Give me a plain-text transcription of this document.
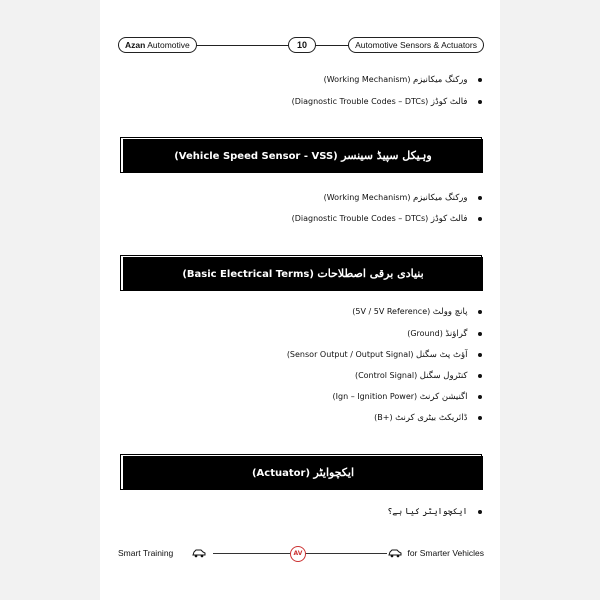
Azan Automotive	10	Automotive Sensors & Actuators
(Working Mechanism) ورکنگ میکانیزم
(Diagnostic Trouble Codes – DTCs) فالٹ کوڈز
(Vehicle Speed Sensor - VSS) وہیکل سپیڈ سینسر
(Working Mechanism) ورکنگ میکانیزم
(Diagnostic Trouble Codes – DTCs) فالٹ کوڈز
(Basic Electrical Terms) بنیادی برقی اصطلاحات
(5V / 5V Reference) پانچ وولٹ
(Ground) گراؤنڈ
(Sensor Output / Output Signal) آؤٹ پٹ سگنل
(Control Signal) کنٹرول سگنل
(Ign – Ignition Power) اگنیشن کرنٹ
(B+) ڈائریکٹ بیٹری کرنٹ
(Actuator) ایکچوایٹر
ایکچوایٹر کیا ہے؟
Smart Training	AV	for Smarter Vehicles
